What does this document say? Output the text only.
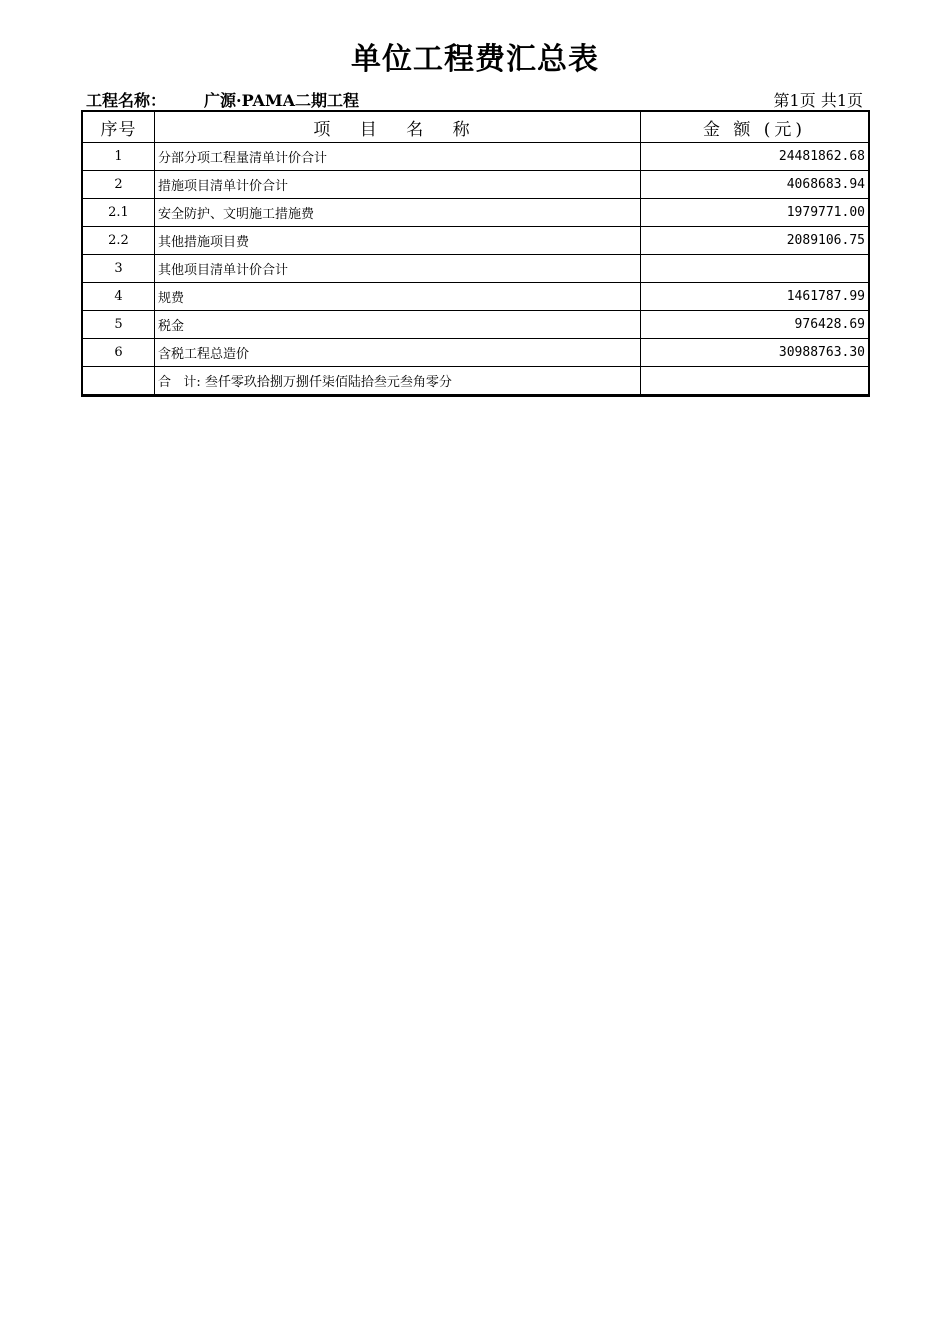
单位工程费汇总表
工程名称： 广源·PAMA二期工程	第1页 共1页
序号	项 目 名 称	金 额 (元)
1	分部分项工程量清单计价合计	24481862.68
2	措施项目清单计价合计	4068683.94
2.1	安全防护、文明施工措施费	1979771.00
2.2	其他措施项目费	2089106.75
3	其他项目清单计价合计	
4	规费	1461787.99
5	税金	976428.69
6	含税工程总造价	30988763.30
	合   计: 叁仟零玖拾捌万捌仟柒佰陆拾叁元叁角零分	
